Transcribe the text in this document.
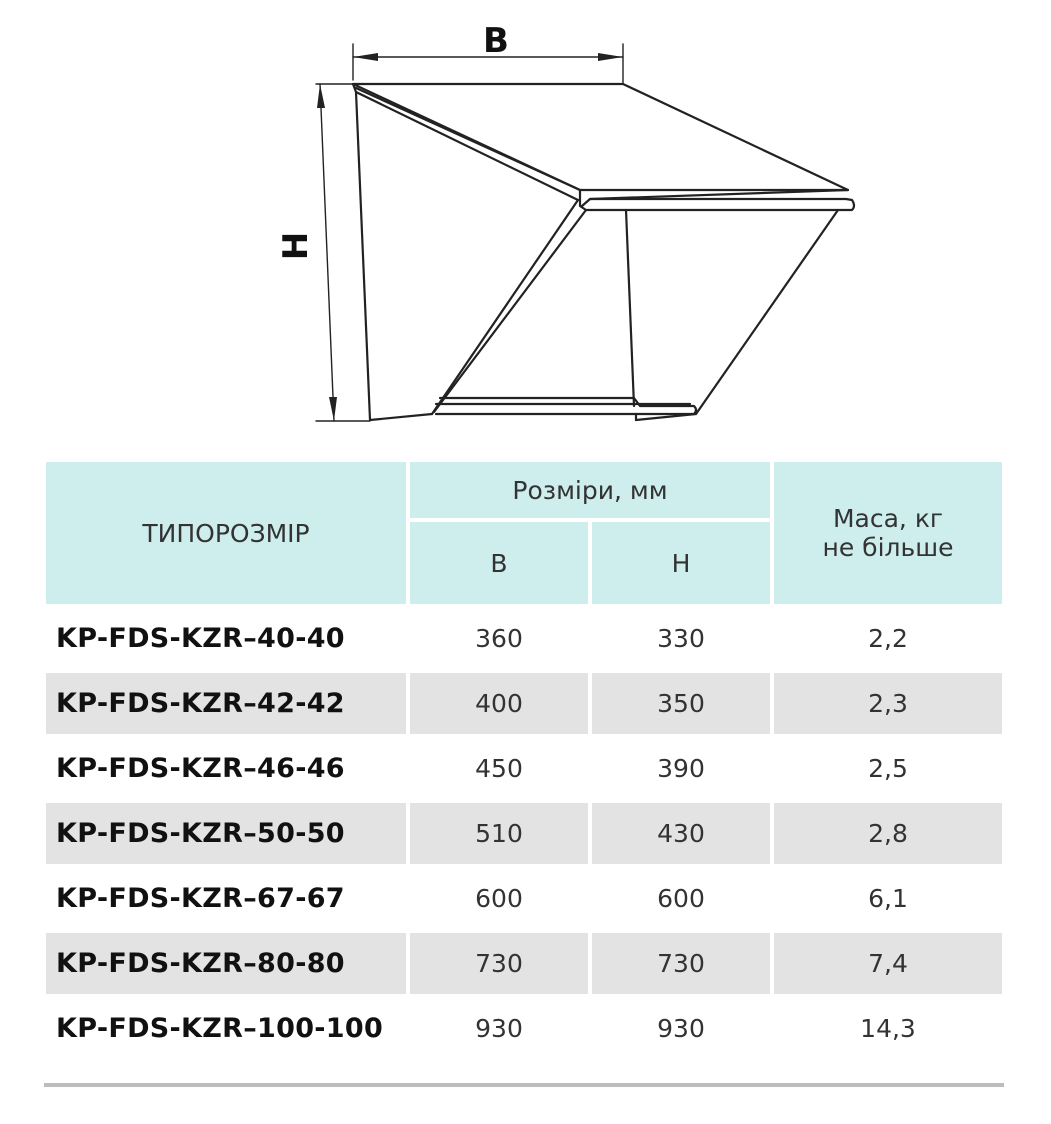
B
H
ТИПОРОЗМІР	Розміри, мм		Маса, кг
не більше
	B	H	
KP-FDS-KZR–40-40	360	330	2,2
KP-FDS-KZR–42-42	400	350	2,3
KP-FDS-KZR–46-46	450	390	2,5
KP-FDS-KZR–50-50	510	430	2,8
KP-FDS-KZR–67-67	600	600	6,1
KP-FDS-KZR–80-80	730	730	7,4
KP-FDS-KZR–100-100	930	930	14,3
